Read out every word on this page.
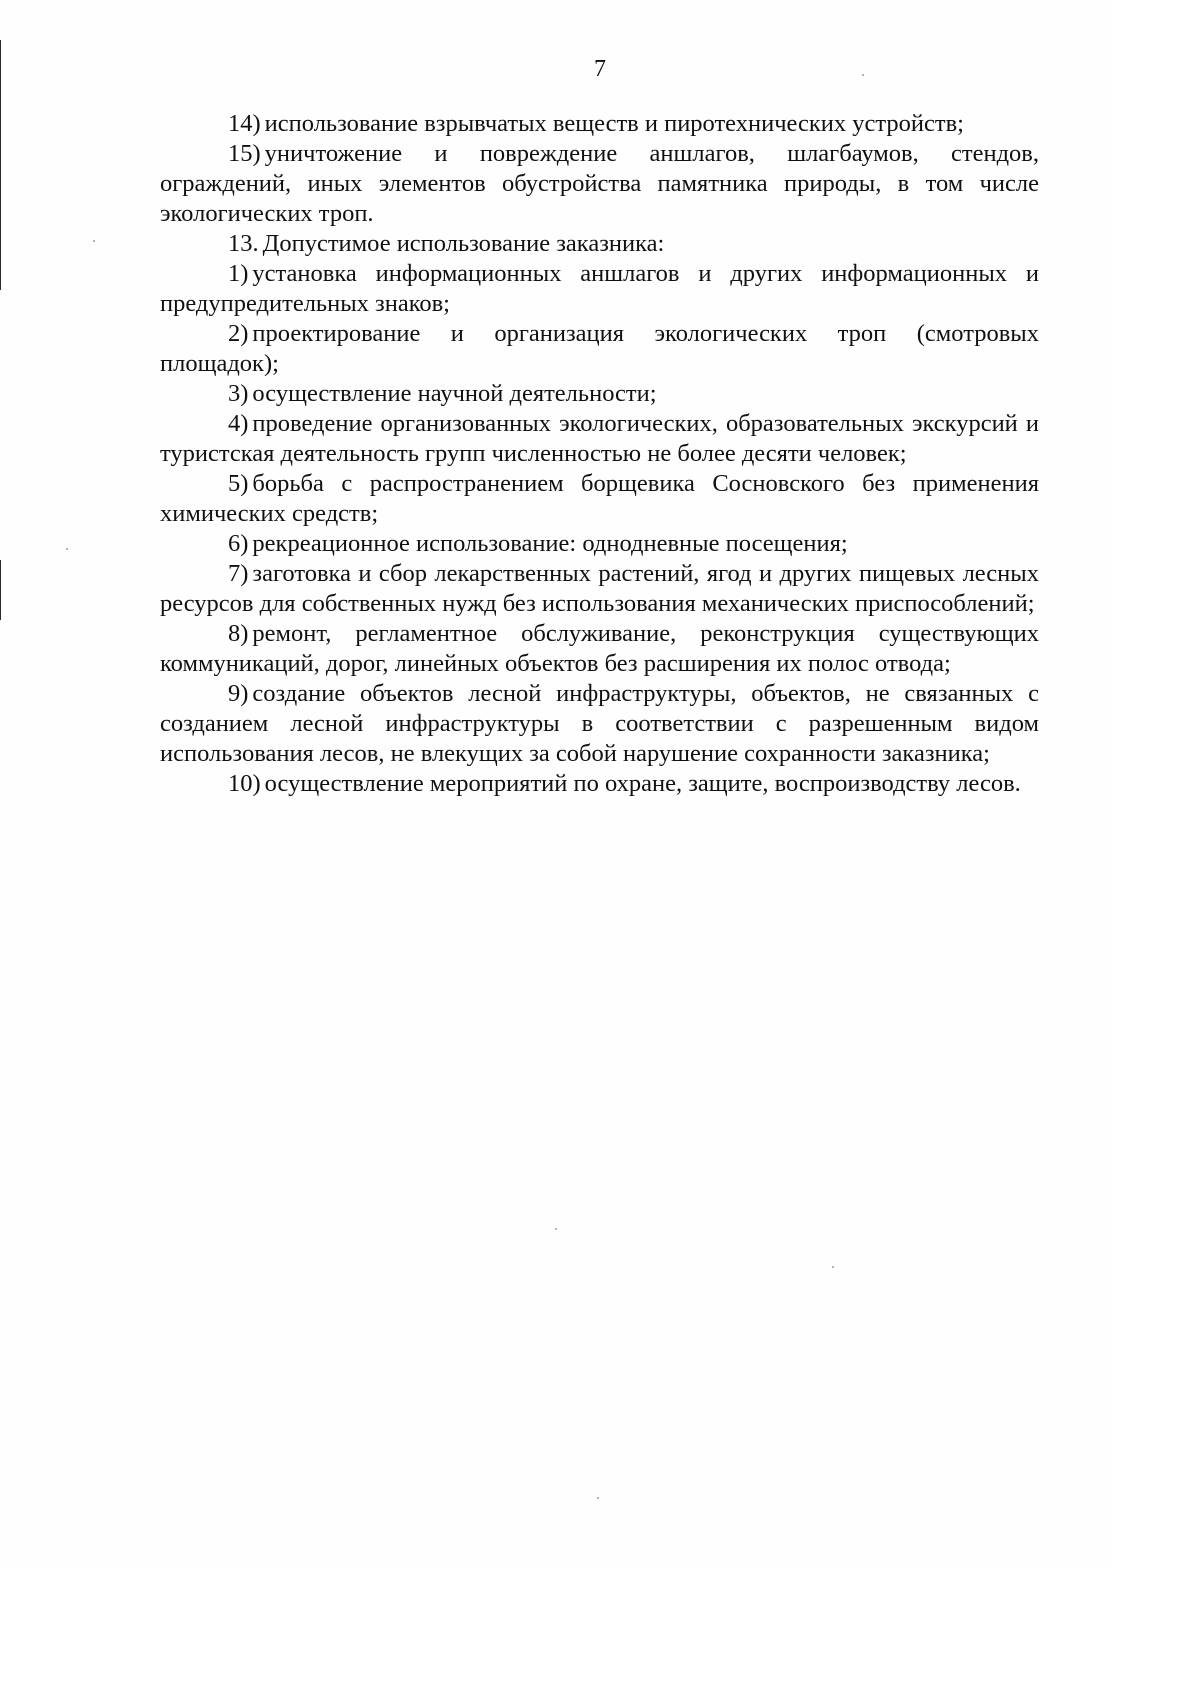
7

14) использование взрывчатых веществ и пиротехнических устройств;

15) уничтожение и повреждение аншлагов, шлагбаумов, стендов, ограждений, иных элементов обустройства памятника природы, в том числе экологических троп.

13. Допустимое использование заказника:

1) установка информационных аншлагов и других информационных и предупредительных знаков;

2) проектирование и организация экологических троп (смотровых площадок);

3) осуществление научной деятельности;

4) проведение организованных экологических, образовательных экскурсий и туристская деятельность групп численностью не более десяти человек;

5) борьба с распространением борщевика Сосновского без применения химических средств;

6) рекреационное использование: однодневные посещения;

7) заготовка и сбор лекарственных растений, ягод и других пищевых лесных ресурсов для собственных нужд без использования механических приспособлений;

8) ремонт, регламентное обслуживание, реконструкция существующих коммуникаций, дорог, линейных объектов без расширения их полос отвода;

9) создание объектов лесной инфраструктуры, объектов, не связанных с созданием лесной инфраструктуры в соответствии с разрешенным видом использования лесов, не влекущих за собой нарушение сохранности заказника;

10) осуществление мероприятий по охране, защите, воспроизводству лесов.
